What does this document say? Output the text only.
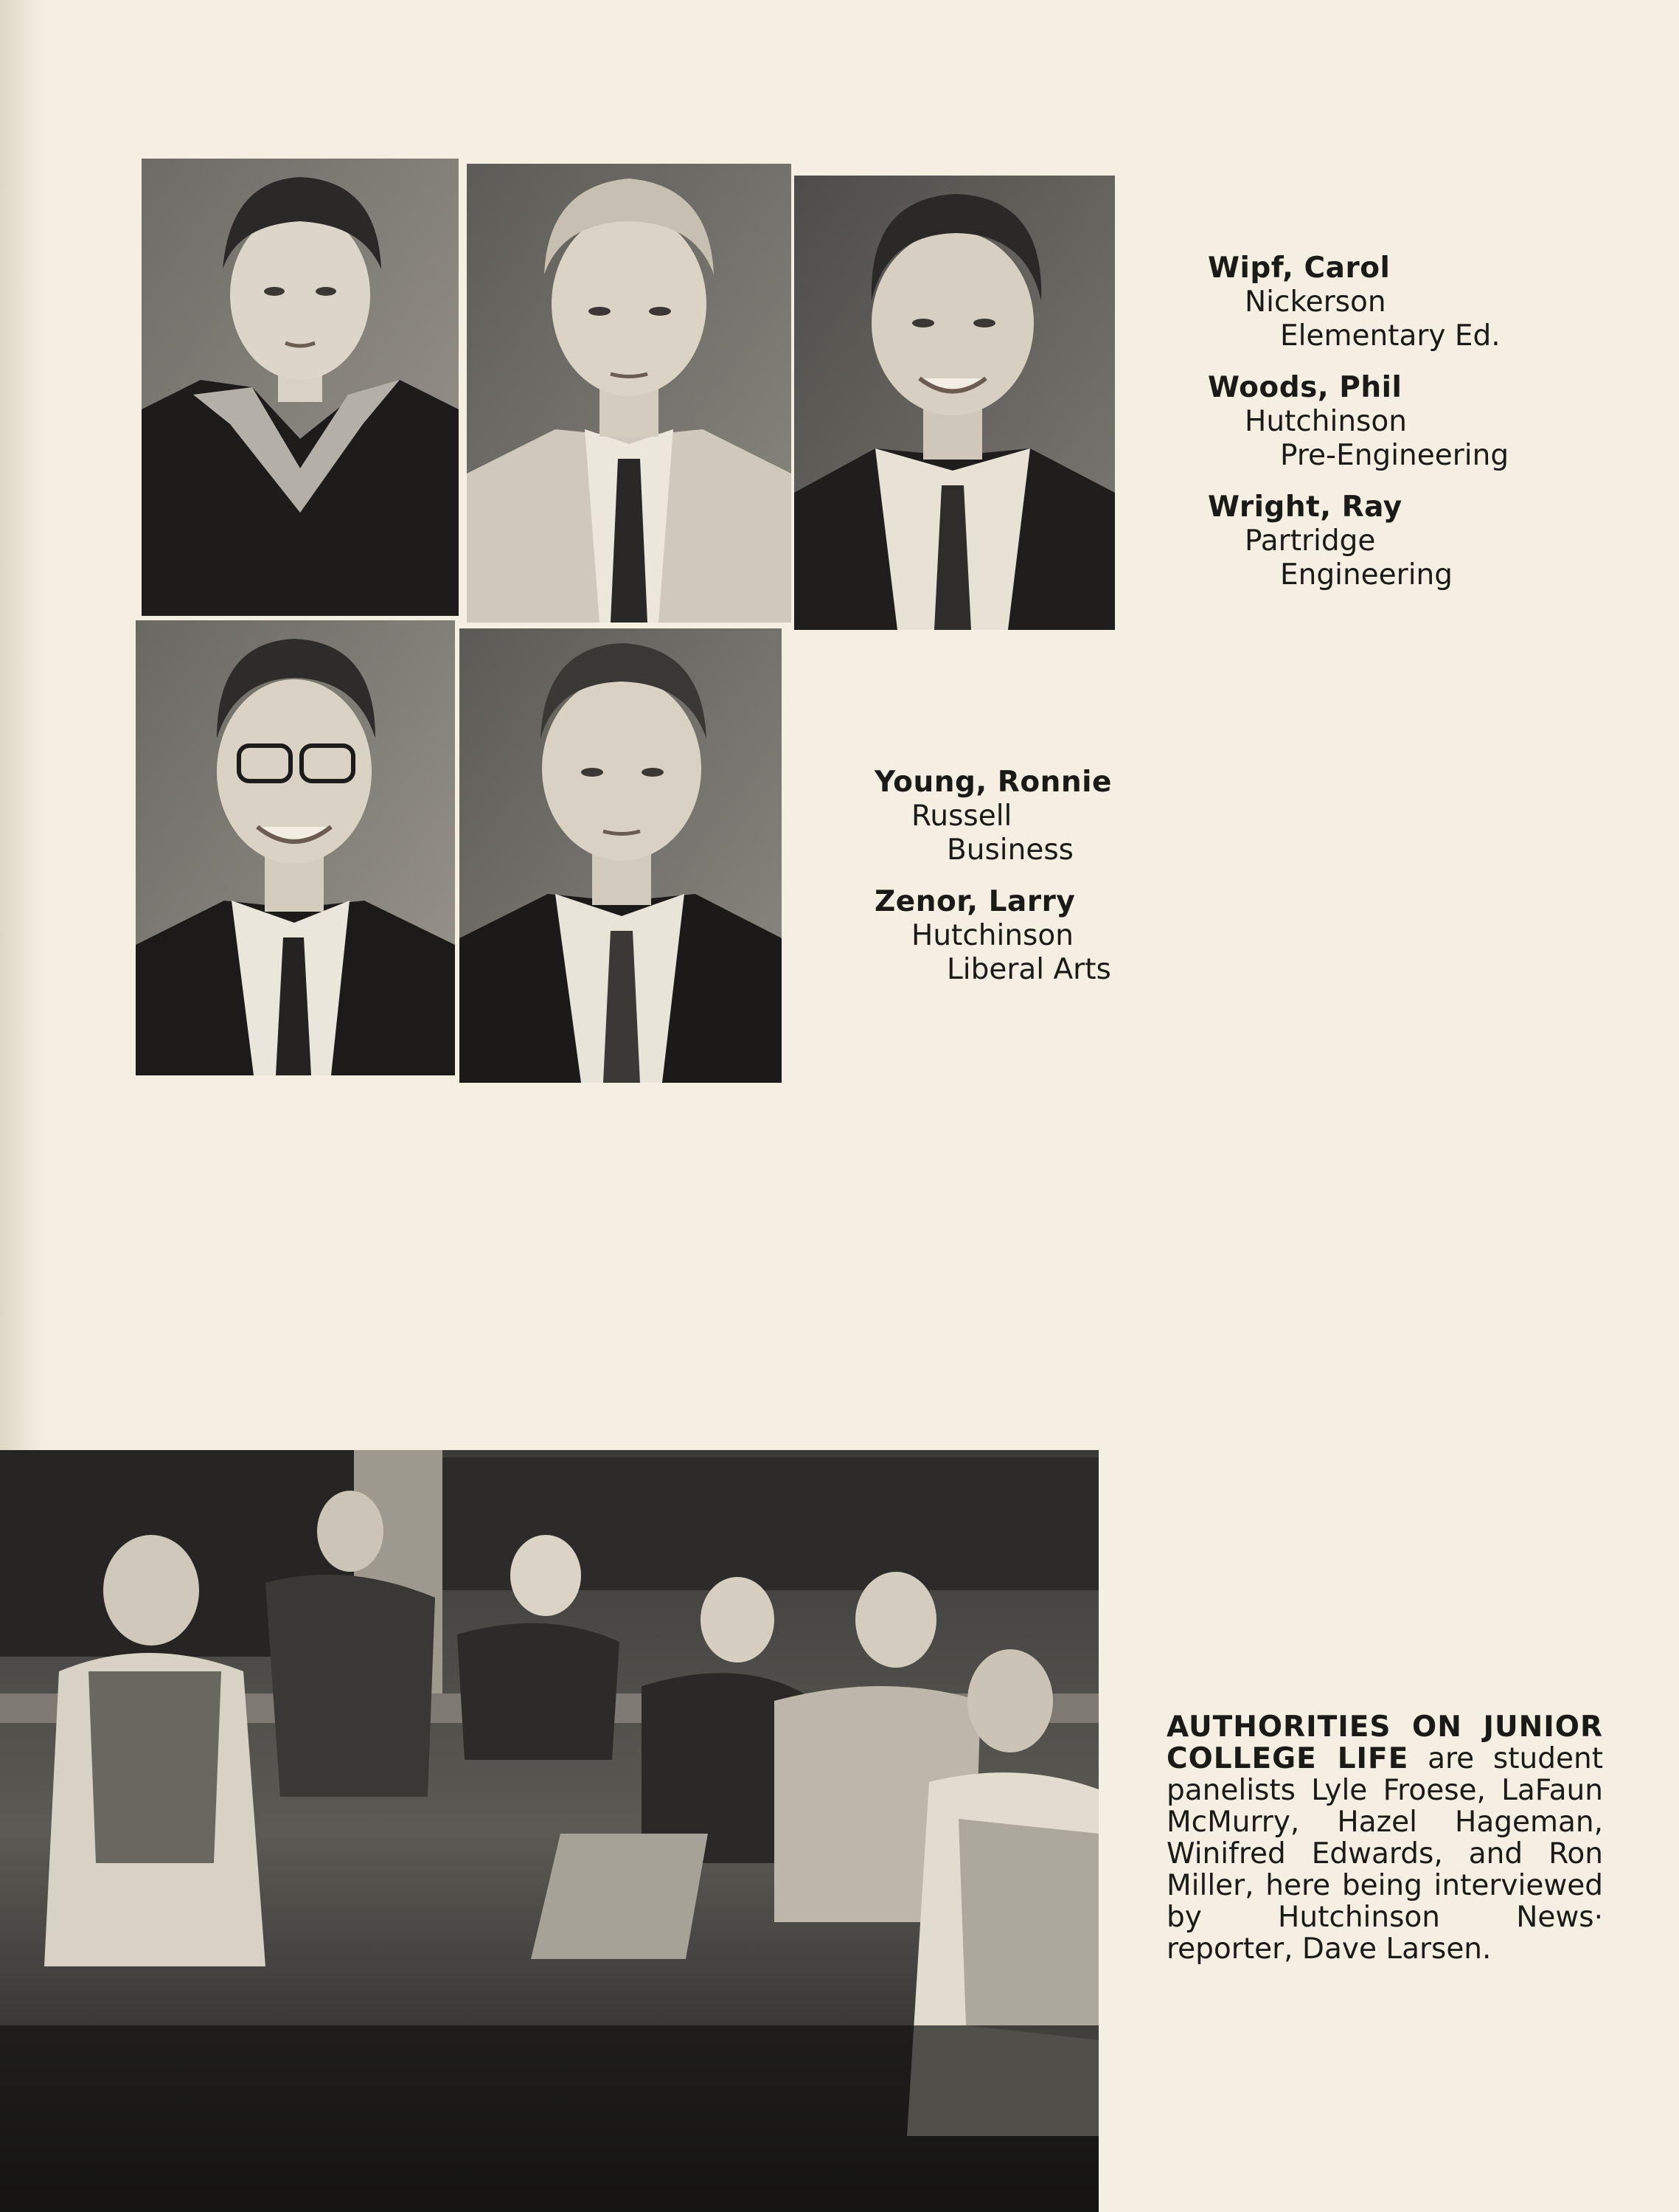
Wipf, Carol
Nickerson
Elementary Ed.
Woods, Phil
Hutchinson
Pre-Engineering
Wright, Ray
Partridge
Engineering
Young, Ronnie
Russell
Business
Zenor, Larry
Hutchinson
Liberal Arts
AUTHORITIES ON JUNIOR COLLEGE LIFE are student panelists Lyle Froese, LaFaun McMurry, Hazel Hageman, Winifred Edwards, and Ron Miller, here being interviewed by Hutchinson News· reporter, Dave Larsen.
